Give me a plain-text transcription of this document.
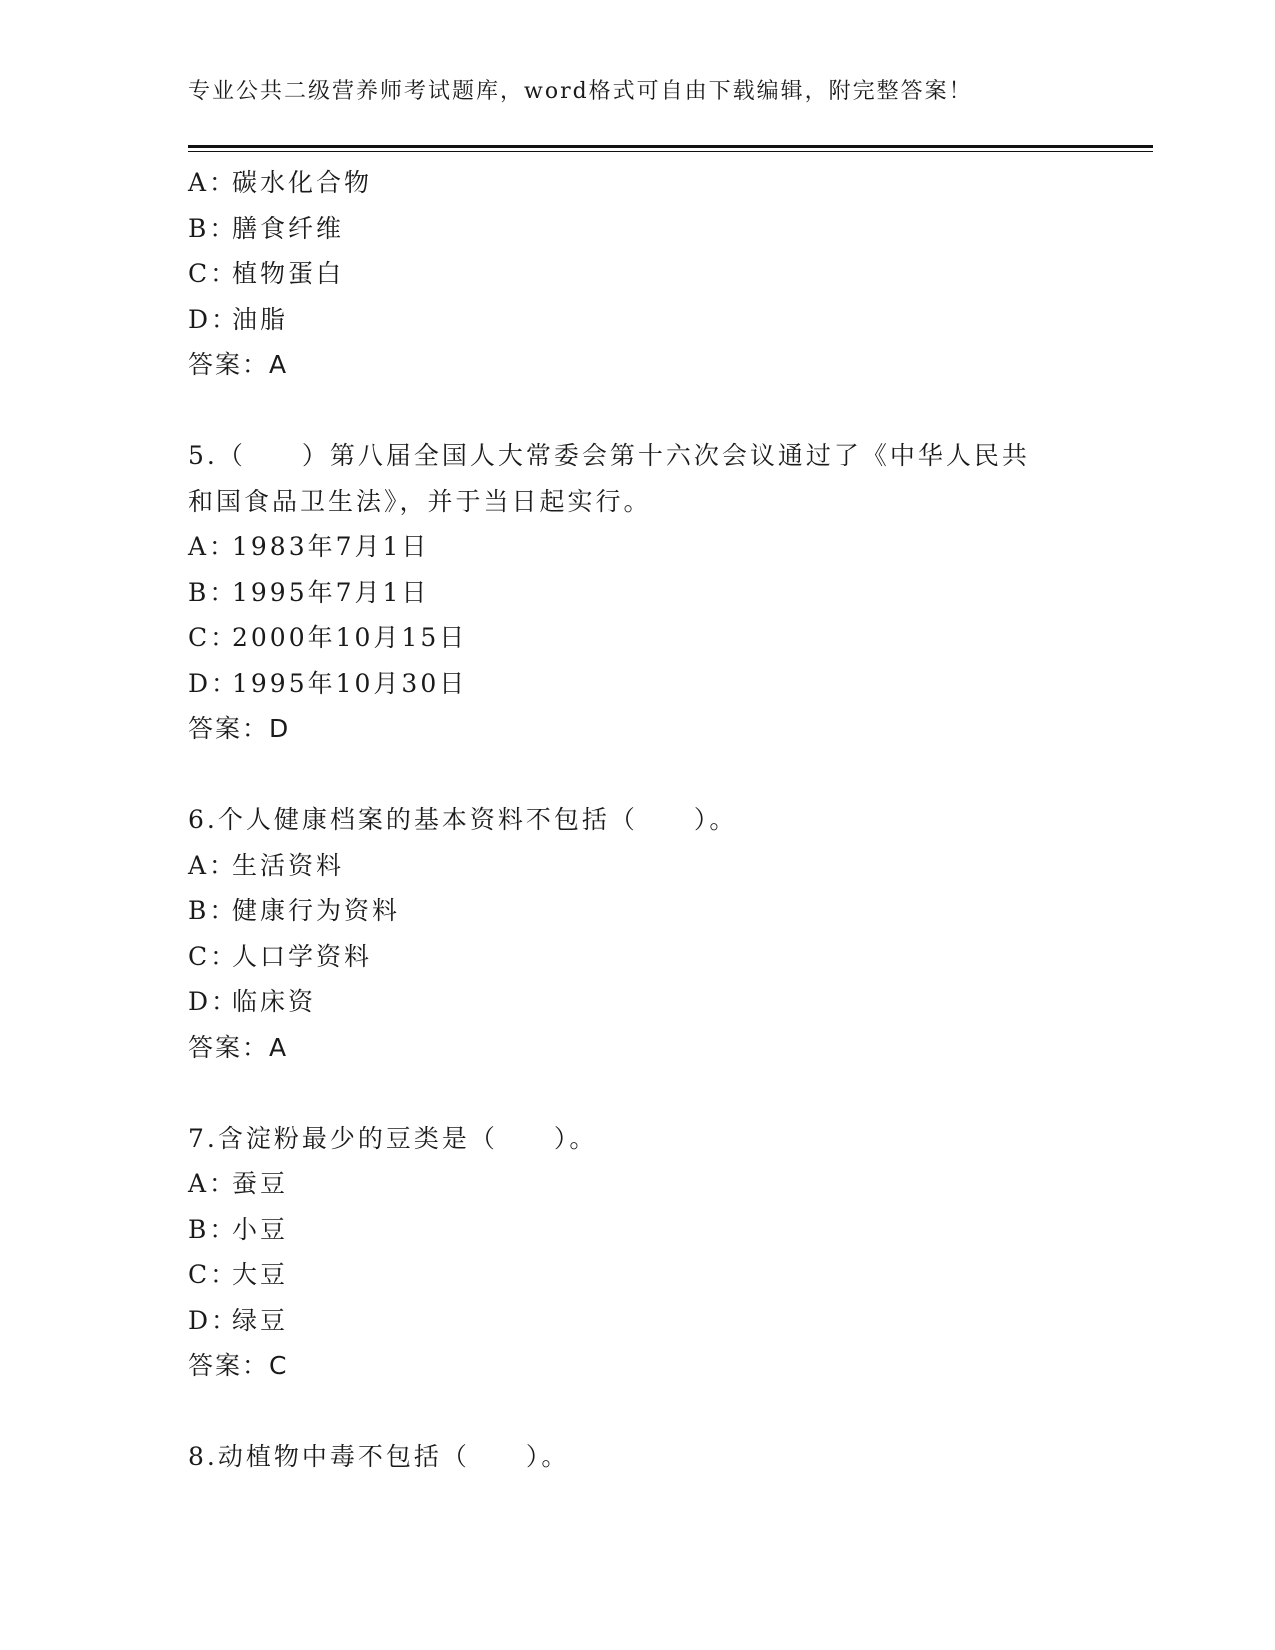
专业公共二级营养师考试题库，word格式可自由下载编辑，附完整答案！
A：碳水化合物
B：膳食纤维
C：植物蛋白
D：油脂
答案：A
5.（　　）第八届全国人大常委会第十六次会议通过了《中华人民共
和国食品卫生法》，并于当日起实行。
A：1983年7月1日
B：1995年7月1日
C：2000年10月15日
D：1995年10月30日
答案：D
6.个人健康档案的基本资料不包括（　　）。
A：生活资料
B：健康行为资料
C：人口学资料
D：临床资
答案：A
7.含淀粉最少的豆类是（　　）。
A：蚕豆
B：小豆
C：大豆
D：绿豆
答案：C
8.动植物中毒不包括（　　）。
